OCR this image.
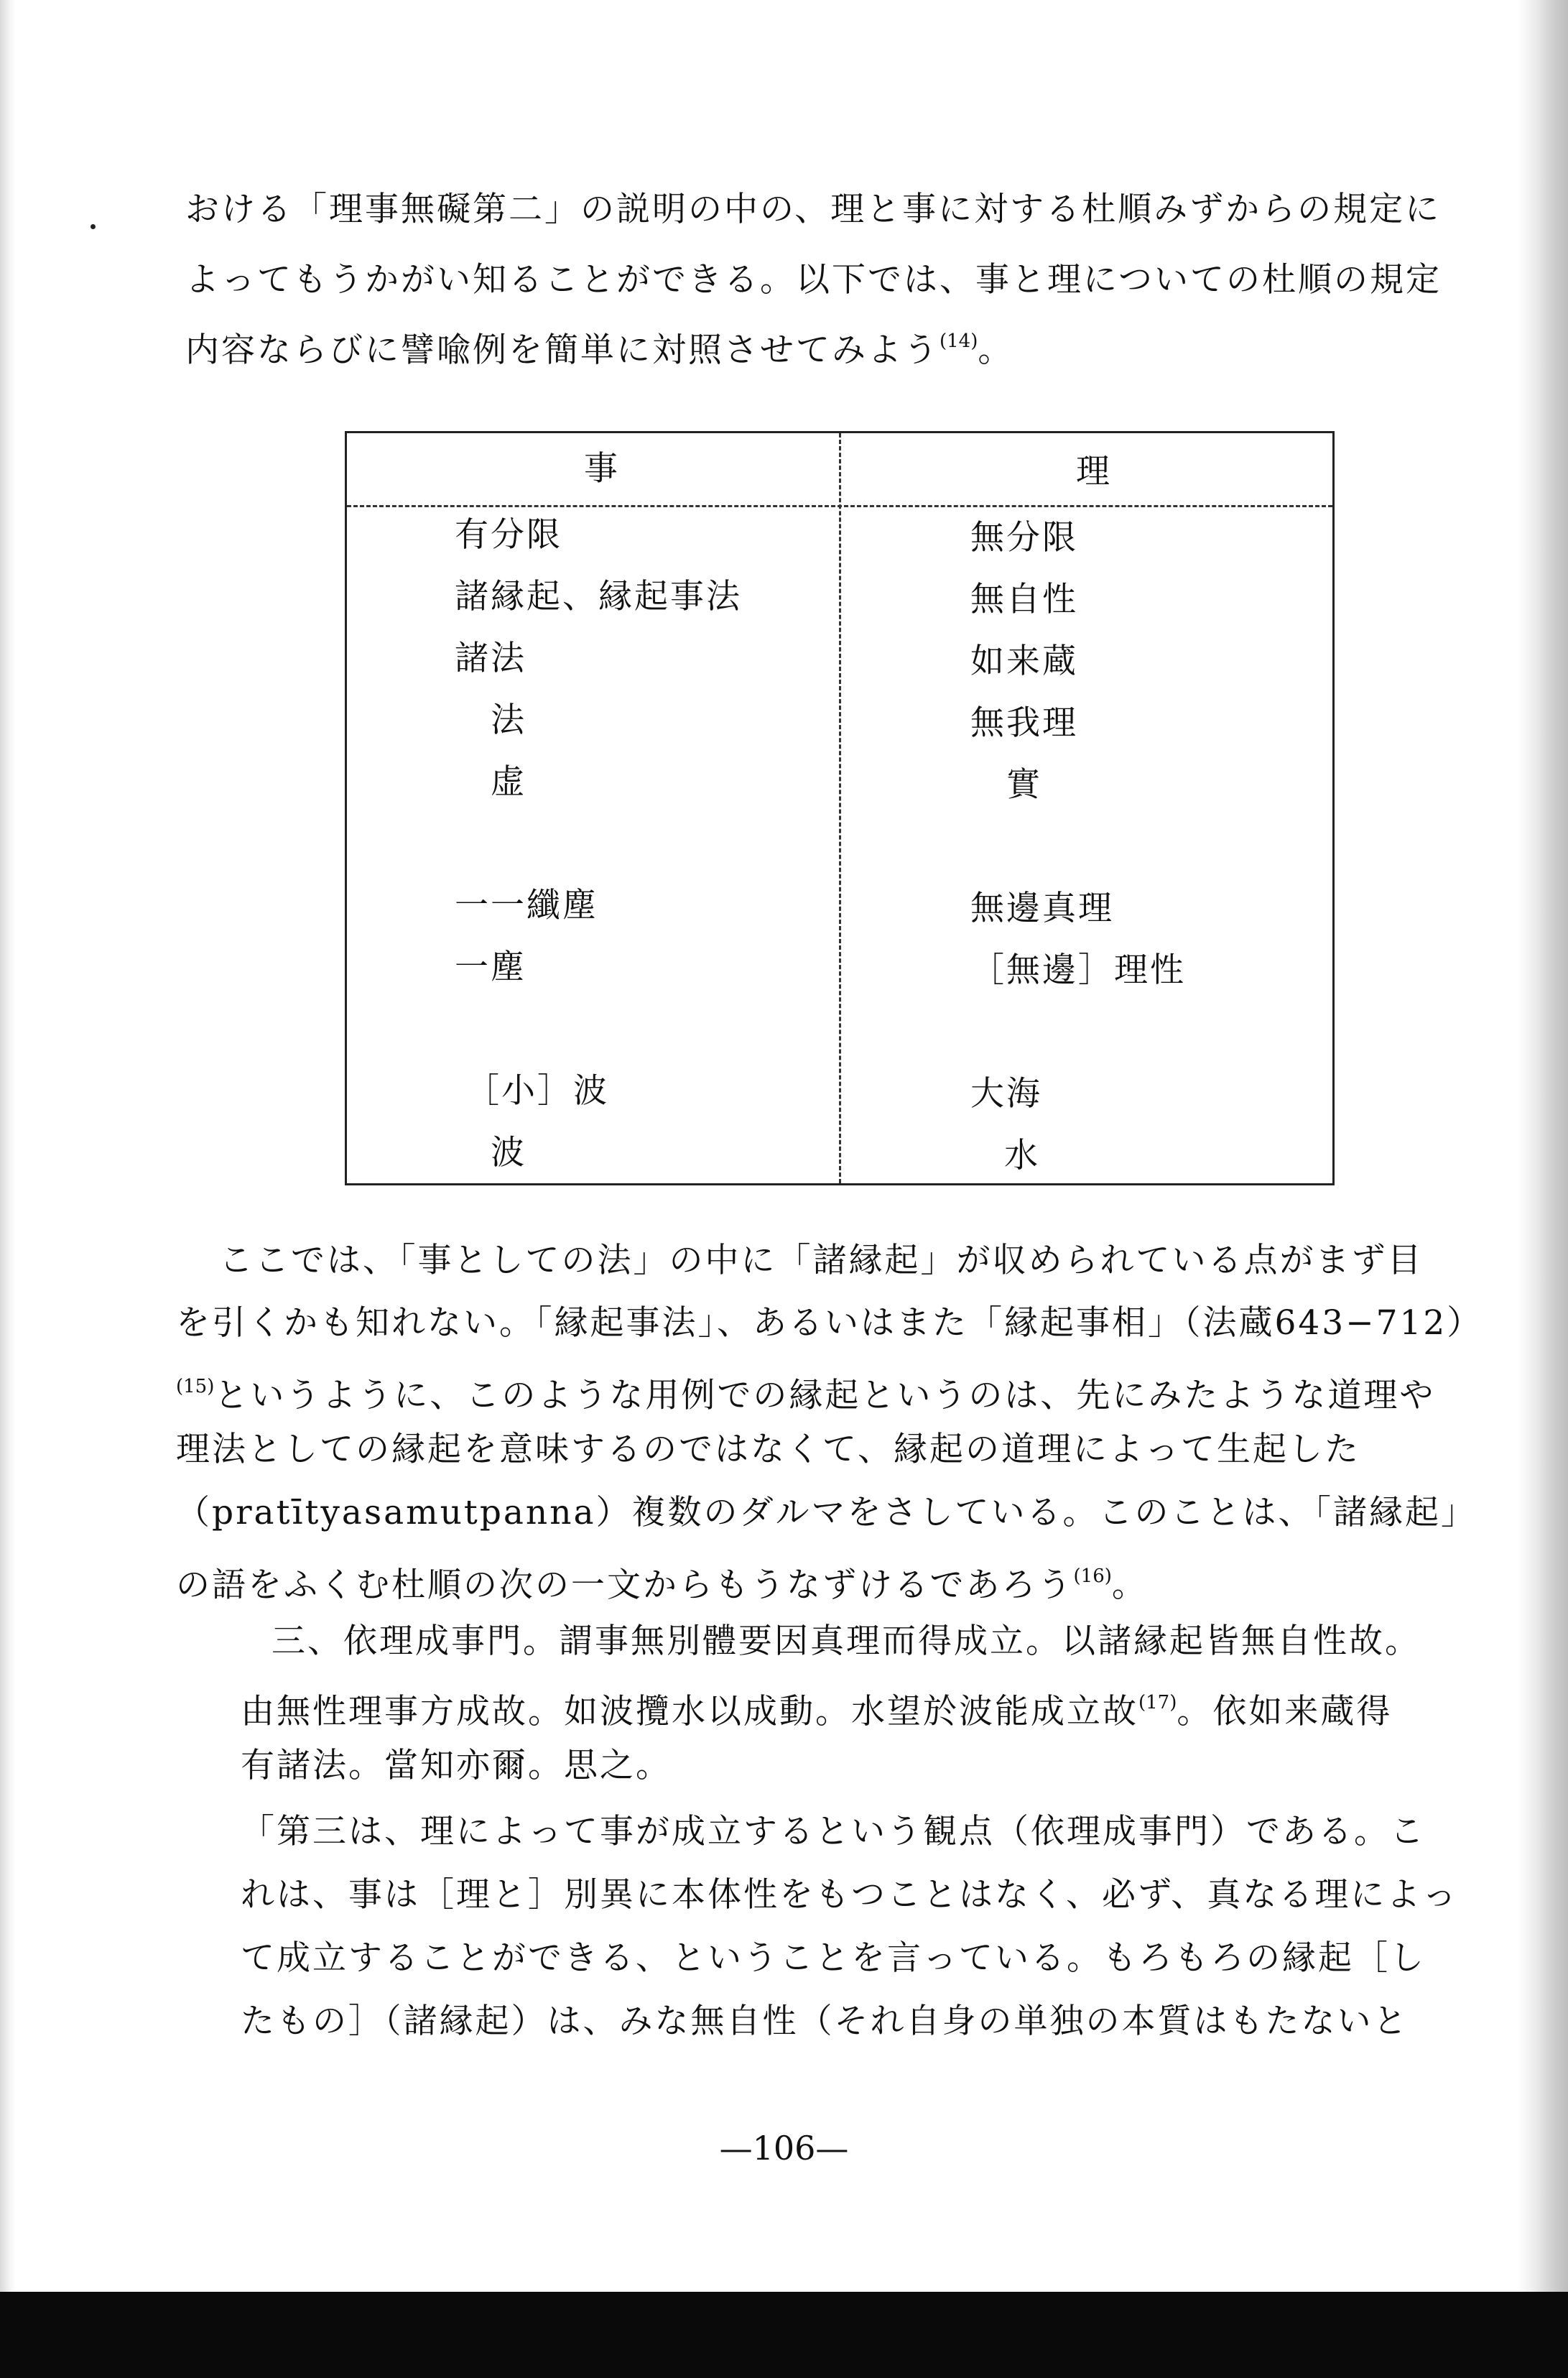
おける「理事無礙第二」の説明の中の、理と事に対する杜順みずからの規定に
よってもうかがい知ることができる。以下では、事と理についての杜順の規定
内容ならびに譬喩例を簡単に対照させてみよう$^{(14)}$。
事	理
有分限
諸縁起、縁起事法
諸法
法
虚
一一纖塵
一塵
［小］波
波
無分限
無自性
如来蔵
無我理
實
無邊真理
［無邊］理性
大海
水
ここでは、「事としての法」の中に「諸縁起」が収められている点がまず目
を引くかも知れない。「縁起事法」、あるいはまた「縁起事相」（法蔵643−712）
$^{(15)}$というように、このような用例での縁起というのは、先にみたような道理や
理法としての縁起を意味するのではなくて、縁起の道理によって生起した
（pratītyasamutpanna）複数のダルマをさしている。このことは、「諸縁起」
の語をふくむ杜順の次の一文からもうなずけるであろう$^{(16)}$。
三、依理成事門。謂事無別體要因真理而得成立。以諸縁起皆無自性故。
由無性理事方成故。如波攬水以成動。水望於波能成立故$^{(17)}$。依如来蔵得
有諸法。當知亦爾。思之。
「第三は、理によって事が成立するという観点（依理成事門）である。こ
れは、事は［理と］別異に本体性をもつことはなく、必ず、真なる理によっ
て成立することができる、ということを言っている。もろもろの縁起［し
たもの］（諸縁起）は、みな無自性（それ自身の単独の本質はもたないと
—106—
